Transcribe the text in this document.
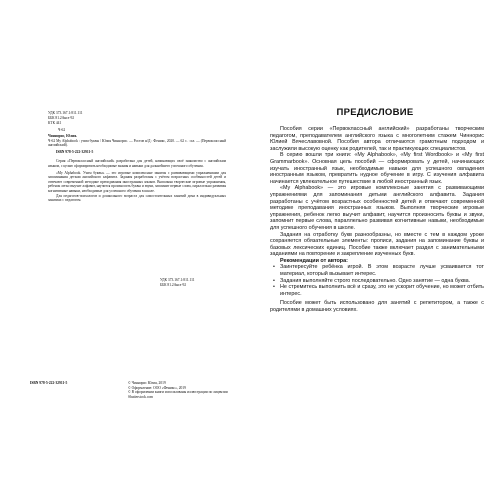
УДК 373.167.1:811.111

ББК 81.2Англ-92

КТК 441

Ч-62

Чиннорис, Юлия.

Ч-62 My Alphabook : учим буквы / Юлия Чиннорис. — Ростов н/Д : Феникс, 2020. — 62 с. : ил. — (Первоклассный английский).

ISBN 978-5-222-32911-5

Серия «Первоклассный английский» разработана для детей, начинающих своё знакомство с английским языком, с целью сформировать необходимые знания и навыки для дальнейшего успешного обучения.

«My Alphabook. Учим буквы» — это игровые комплексные занятия с развивающими упражнениями для запоминания детьми английского алфавита. Задания разработаны с учётом возрастных особенностей детей и отвечают современной методике преподавания иностранных языков. Выполняя творческие игровые упражнения, ребенок легко выучит алфавит, научится произносить буквы и звуки, запомнит первые слова, параллельно развивая когнитивные навыки, необходимые для успешного обучения в школе.

Для педагогов-психологов и дошкольного возраста для самостоятельных занятий дома в индивидуальных занятиях с педагогом.

УДК 373.167.1:811.111

ББК 81.2Англ-92

ISBN 978-5-222-32911-5	© Чиннорис Юлия, 2019

© Оформление: ООО «Феникс», 2019

© В оформлении книги использованы иллюстрации по лицензии Shutterstock.com

ПРЕДИСЛОВИЕ

Пособия серии «Первоклассный английский» разработаны творческим педагогом, преподавателем английского языка с многолетним стажем Чиннорис Юлией Вячеславовной. Пособия автора отличаются грамотным подходом и заслужили высокую оценку как родителей, так и практикующих специалистов.

В серию вошли три книги: «My Alphabook», «My first Wordbook» и «My first Grammarbook». Основная цель пособий — сформировать у детей, начинающих изучать иностранный язык, необходимые навыки для успешного овладения иностранным языком, превратить нудное обучение в игру. С изучения алфавита начинается увлекательное путешествие в любой иностранный язык.

«My Alphabook» — это игровые комплексные занятия с развивающими упражнениями для запоминания детьми английского алфавита. Задания разработаны с учётом возрастных особенностей детей и отвечают современной методике преподавания иностранных языков. Выполняя творческие игровые упражнения, ребенок легко выучит алфавит, научится произносить буквы и звуки, запомнит первые слова, параллельно развивая когнитивные навыки, необходимые для успешного обучения в школе.

Задания на отработку букв разнообразны, но вместе с тем в каждом уроке сохраняется обязательные элементы: прописи, задания на запоминание буквы и базовых лексических единиц. Пособие также включает раздел с занимательными заданиями на повторение и закрепление изученных букв.

Рекомендации от автора:

• Заинтересуйте ребёнка игрой. В этом возрасте лучше усваивается тот материал, который вызывает интерес.
• Задания выполняйте строго последовательно. Одно занятие — одна буква.
• Не стремитесь выполнить всё и сразу, это не ускорит обучение, но может отбить интерес.

Пособие может быть использовано для занятий с репетитором, а также с родителями в домашних условиях.
